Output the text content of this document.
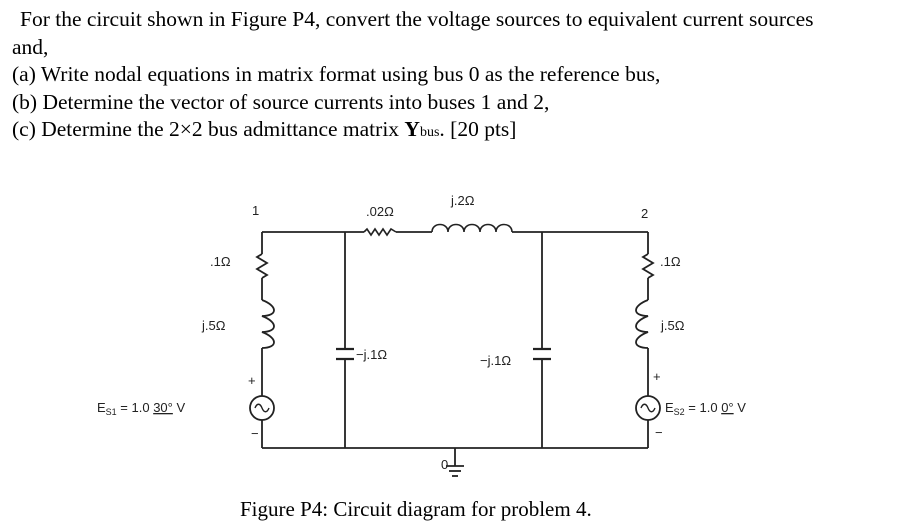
For the circuit shown in Figure P4, convert the voltage sources to equivalent current sources
and,
(a) Write nodal equations in matrix format using bus 0 as the reference bus,
(b) Determine the vector of source currents into buses 1 and 2,
(c) Determine the 2×2 bus admittance matrix Ybus. [20 pts]
1	2
0
.02Ω
j.2Ω
.1Ω
j.5Ω
.1Ω
j.5Ω
−j.1Ω	−j.1Ω
+
−
+
−
$E_{S1} = 1.0$ 30° V	$E_{S2} = 1.0$ 0° V
Figure P4: Circuit diagram for problem 4.
